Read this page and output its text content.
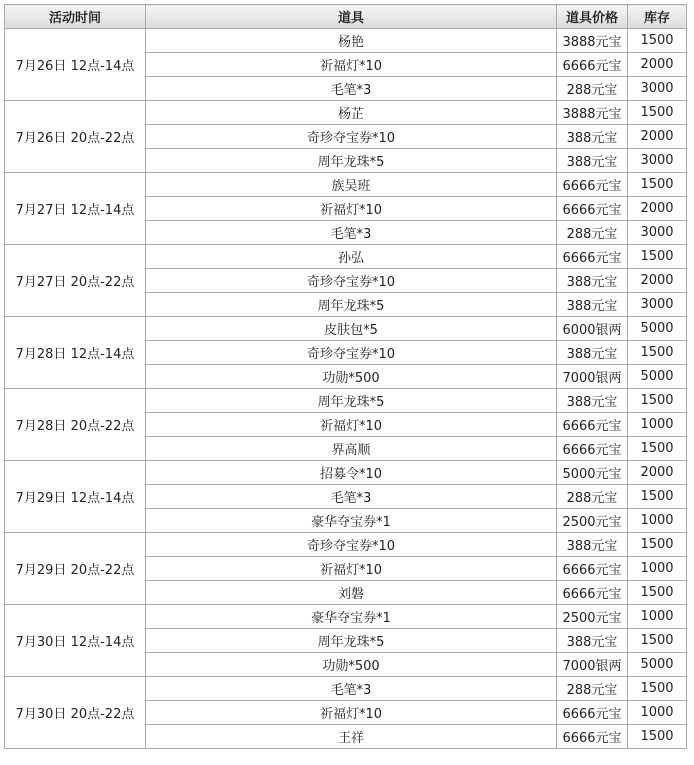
活动时间	道具	道具价格	库存
7月26日 12点-14点	杨艳	3888元宝	1500
	祈福灯*10	6666元宝	2000
	毛笔*3	288元宝	3000
7月26日 20点-22点	杨芷	3888元宝	1500
	奇珍夺宝券*10	388元宝	2000
	周年龙珠*5	388元宝	3000
7月27日 12点-14点	族吴班	6666元宝	1500
	祈福灯*10	6666元宝	2000
	毛笔*3	288元宝	3000
7月27日 20点-22点	孙弘	6666元宝	1500
	奇珍夺宝券*10	388元宝	2000
	周年龙珠*5	388元宝	3000
7月28日 12点-14点	皮肤包*5	6000银两	5000
	奇珍夺宝券*10	388元宝	1500
	功勋*500	7000银两	5000
7月28日 20点-22点	周年龙珠*5	388元宝	1500
	祈福灯*10	6666元宝	1000
	界高顺	6666元宝	1500
7月29日 12点-14点	招募令*10	5000元宝	2000
	毛笔*3	288元宝	1500
	豪华夺宝券*1	2500元宝	1000
7月29日 20点-22点	奇珍夺宝券*10	388元宝	1500
	祈福灯*10	6666元宝	1000
	刘磐	6666元宝	1500
7月30日 12点-14点	豪华夺宝券*1	2500元宝	1000
	周年龙珠*5	388元宝	1500
	功勋*500	7000银两	5000
7月30日 20点-22点	毛笔*3	288元宝	1500
	祈福灯*10	6666元宝	1000
	王祥	6666元宝	1500
